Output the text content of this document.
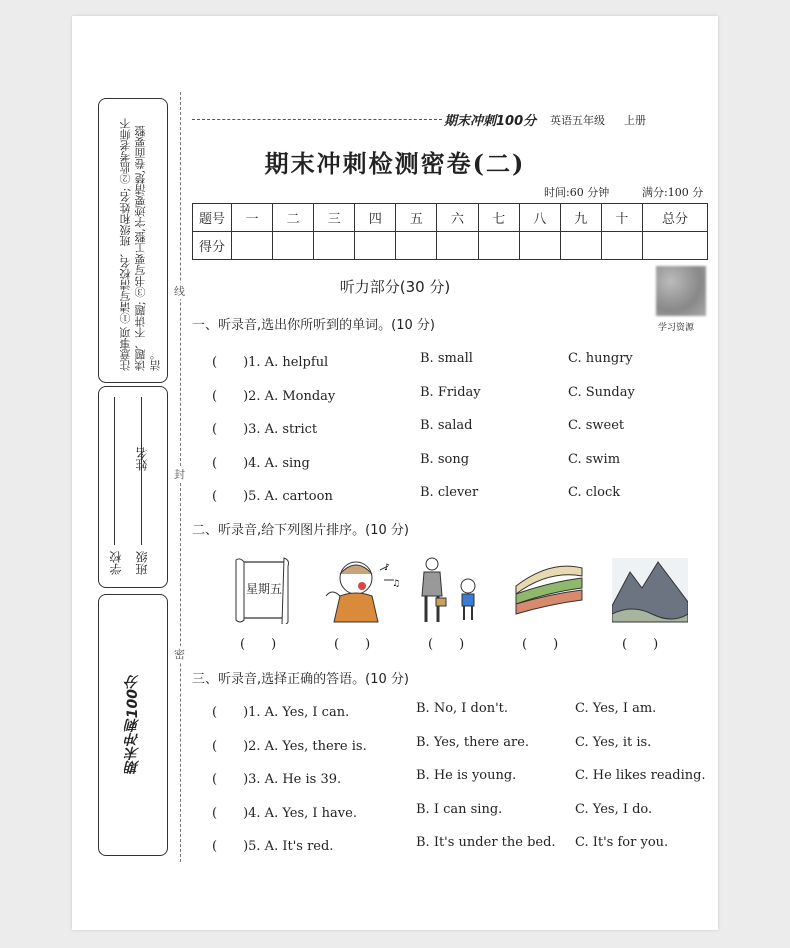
注意事项 ①请写清校名、班级和姓名; ②监考老师不读题、不讲题; ③书写要工整,字迹要清楚,卷面要整洁。
学校 班级
姓名
期末冲刺100分
线
封
密
期末冲刺100分 英语五年级 上册
期末冲刺检测密卷(二)
时间:60 分钟	满分:100 分
题号	一	二	三	四	五	六	七	八	九	十	总分
得分											
听力部分(30 分)
学习资源
一、听录音,选出你所听到的单词。(10 分)
(　　)1. A. helpful	B. small	C. hungry
(　　)2. A. Monday	B. Friday	C. Sunday
(　　)3. A. strict	B. salad	C. sweet
(　　)4. A. sing	B. song	C. swim
(　　)5. A. cartoon	B. clever	C. clock
二、听录音,给下列图片排序。(10 分)
星期五
♪
♫
(　　)	(　　)	(　　)	(　　)	(　　)
三、听录音,选择正确的答语。(10 分)
(　　)1. A. Yes, I can.	B. No, I don't.	C. Yes, I am.
(　　)2. A. Yes, there is.	B. Yes, there are.	C. Yes, it is.
(　　)3. A. He is 39.	B. He is young.	C. He likes reading.
(　　)4. A. Yes, I have.	B. I can sing.	C. Yes, I do.
(　　)5. A. It's red.	B. It's under the bed. C. It's for you.
